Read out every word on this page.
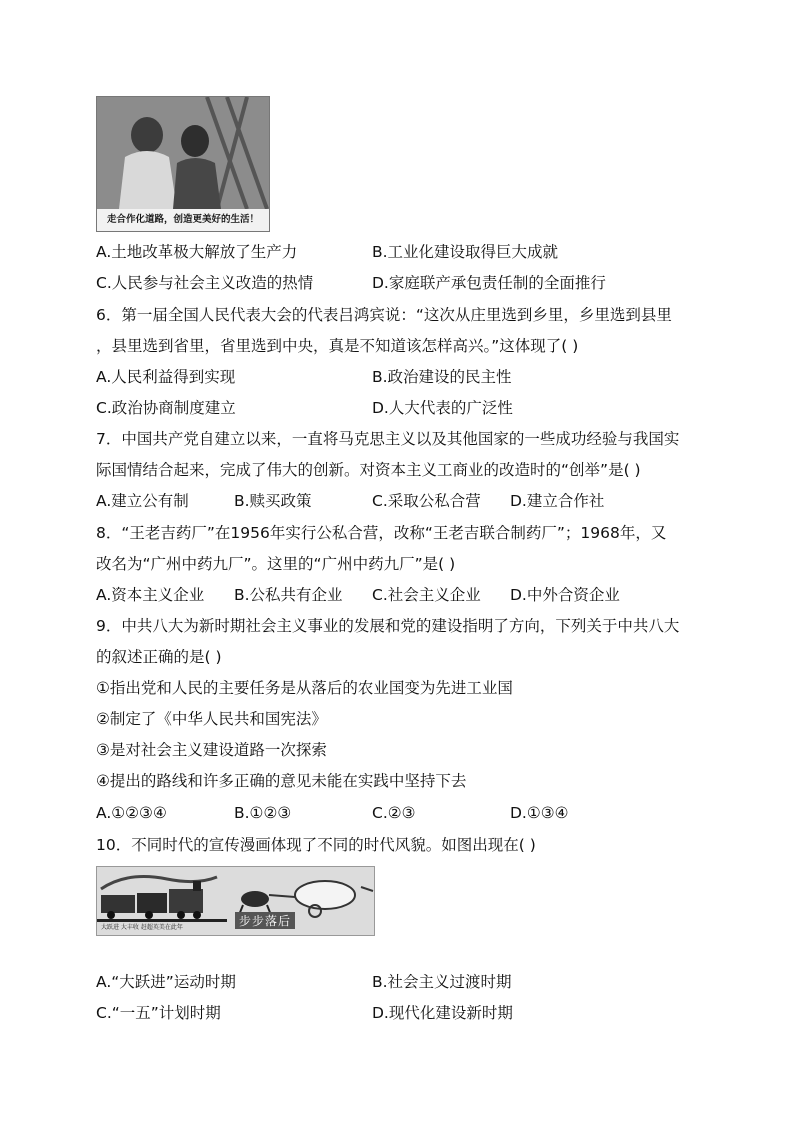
走合作化道路，创造更美好的生活！
A.土地改革极大解放了生产力	B.工业化建设取得巨大成就
C.人民参与社会主义改造的热情	D.家庭联产承包责任制的全面推行
6．第一届全国人民代表大会的代表吕鸿宾说：“这次从庄里选到乡里，乡里选到县里
，县里选到省里，省里选到中央，真是不知道该怎样高兴。”这体现了( )
A.人民利益得到实现	B.政治建设的民主性
C.政治协商制度建立	D.人大代表的广泛性
7．中国共产党自建立以来，一直将马克思主义以及其他国家的一些成功经验与我国实
际国情结合起来，完成了伟大的创新。对资本主义工商业的改造时的“创举”是( )
A.建立公有制	B.赎买政策	C.采取公私合营 D.建立合作社
8．“王老吉药厂”在1956年实行公私合营，改称“王老吉联合制药厂”；1968年，又
改名为“广州中药九厂”。这里的“广州中药九厂”是( )
A.资本主义企业 B.公私共有企业 C.社会主义企业 D.中外合资企业
9．中共八大为新时期社会主义事业的发展和党的建设指明了方向，下列关于中共八大
的叙述正确的是( )
①指出党和人民的主要任务是从落后的农业国变为先进工业国
②制定了《中华人民共和国宪法》
③是对社会主义建设道路一次探索
④提出的路线和许多正确的意见未能在实践中坚持下去
A.①②③④	B.①②③	C.②③	D.①③④
10．不同时代的宣传漫画体现了不同的时代风貌。如图出现在( )
大跃进 大丰收 赶超英美在此年	步步落后
A.“大跃进”运动时期	B.社会主义过渡时期
C.“一五”计划时期	D.现代化建设新时期
